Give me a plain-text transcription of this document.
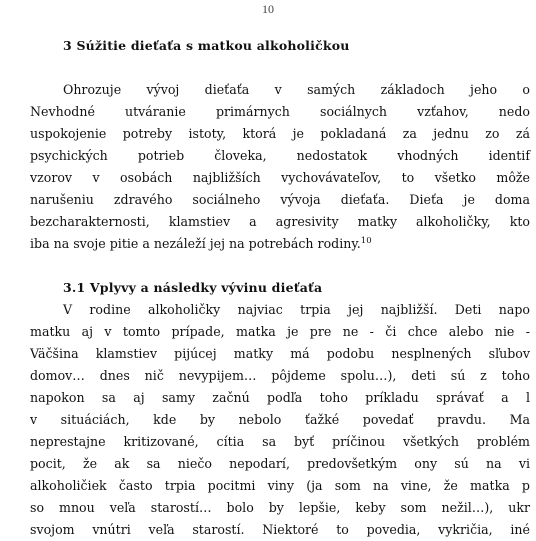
10
3 Súžitie dieťaťa s matkou alkoholičkou
Ohrozuje vývoj dieťaťa v samých základoch jeho o
Nevhodné utváranie primárnych sociálnych vzťahov, nedo
uspokojenie potreby istoty, ktorá je pokladaná za jednu zo zá
psychických potrieb človeka, nedostatok vhodných identif
vzorov v osobách najbližších vychovávateľov, to všetko môže
narušeniu zdravého sociálneho vývoja dieťaťa. Dieťa je doma
bezcharakternosti, klamstiev a agresivity matky alkoholičky, kto
iba na svoje pitie a nezáleží jej na potrebách rodiny.$^{10}$
3.1 Vplyvy a následky vývinu dieťaťa
V rodine alkoholičky najviac trpia jej najbližší. Deti napo
matku aj v tomto prípade, matka je pre ne - či chce alebo nie -
Väčšina klamstiev pijúcej matky má podobu nesplnených sľubov
domov… dnes nič nevypijem… pôjdeme spolu…), deti sú z toho
napokon sa aj samy začnú podľa toho príkladu správať a l
v situáciách, kde by nebolo ťažké povedať pravdu. Ma
neprestajne kritizované, cítia sa byť príčinou všetkých problém
pocit, že ak sa niečo nepodarí, predovšetkým ony sú na vi
alkoholičiek často trpia pocitmi viny (ja som na vine, že matka p
so mnou veľa starostí… bolo by lepšie, keby som nežil…), ukr
svojom vnútri veľa starostí. Niektoré to povedia, vykričia, iné
